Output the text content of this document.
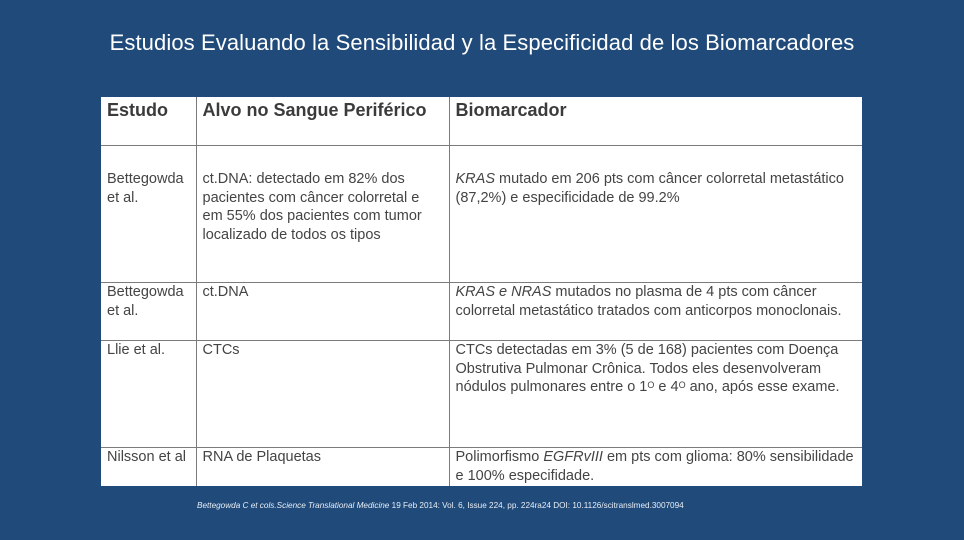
Estudios Evaluando la Sensibilidad y la Especificidad de los Biomarcadores
Estudo	Alvo no Sangue Periférico	Biomarcador
Bettegowda et al.	ct.DNA: detectado em 82% dos pacientes com câncer colorretal e em 55% dos pacientes com tumor localizado de todos os tipos	KRAS mutado em 206 pts com câncer colorretal metastático (87,2%) e especificidade de 99.2%
Bettegowda et al.	ct.DNA	KRAS e NRAS mutados no plasma de 4 pts com câncer colorretal metastático tratados com anticorpos monoclonais.
Llie et al.	CTCs	CTCs detectadas em 3% (5 de 168) pacientes com Doença Obstrutiva Pulmonar Crônica. Todos eles desenvolveram nódulos pulmonares entre o $1^O$ e $4^O$ ano, após esse exame.
Nilsson et al	RNA de Plaquetas	Polimorfismo EGFRvIII em pts com glioma: 80% sensibilidade e 100% especifidade.
Bettegowda C et cols.Science Translational Medicine 19 Feb 2014: Vol. 6, Issue 224, pp. 224ra24 DOI: 10.1126/scitranslmed.3007094
